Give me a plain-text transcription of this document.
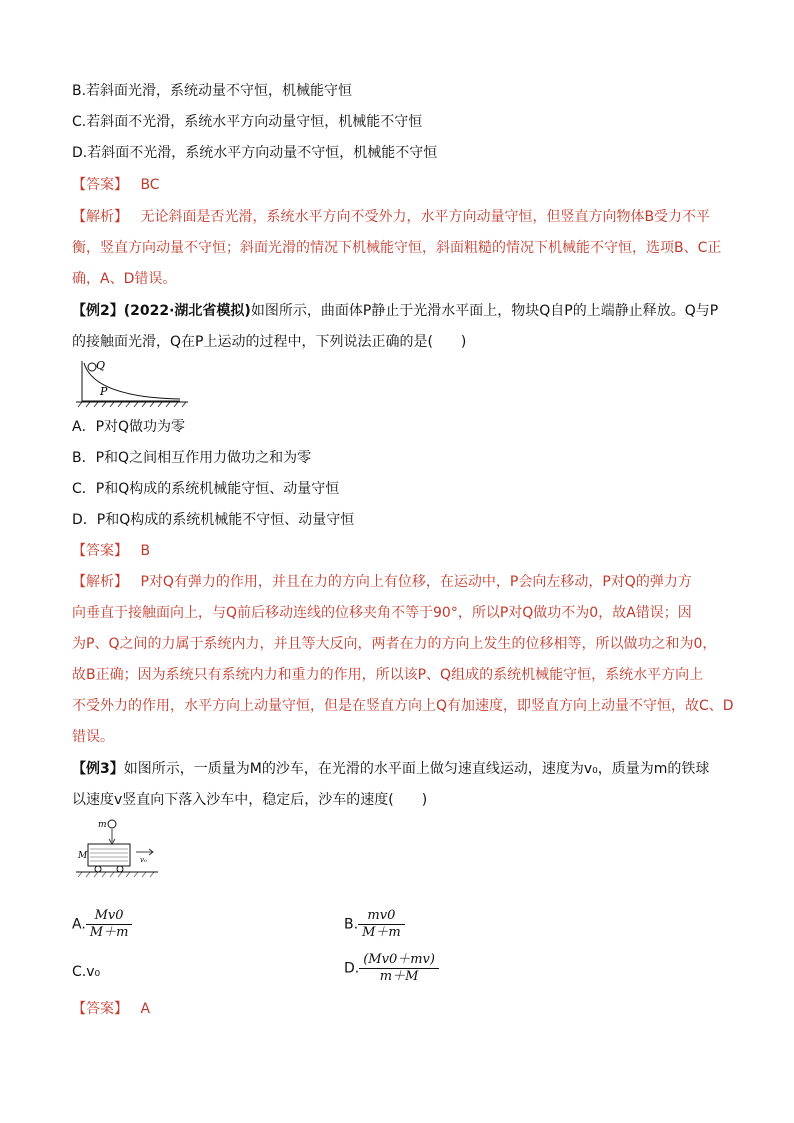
B.若斜面光滑，系统动量不守恒，机械能守恒
C.若斜面不光滑，系统水平方向动量守恒，机械能不守恒
D.若斜面不光滑，系统水平方向动量不守恒，机械能不守恒
【答案】 BC
【解析】 无论斜面是否光滑，系统水平方向不受外力，水平方向动量守恒，但竖直方向物体B受力不平
衡，竖直方向动量不守恒；斜面光滑的情况下机械能守恒，斜面粗糙的情况下机械能不守恒，选项B、C正
确，A、D错误。
【例2】(2022·湖北省模拟)如图所示，曲面体P静止于光滑水平面上，物块Q自P的上端静止释放。Q与P
的接触面光滑，Q在P上运动的过程中，下列说法正确的是(　　)
Q
P
A．P对Q做功为零
B．P和Q之间相互作用力做功之和为零
C．P和Q构成的系统机械能守恒、动量守恒
D．P和Q构成的系统机械能不守恒、动量守恒
【答案】 B
【解析】 P对Q有弹力的作用，并且在力的方向上有位移，在运动中，P会向左移动，P对Q的弹力方
向垂直于接触面向上，与Q前后移动连线的位移夹角不等于90°，所以P对Q做功不为0，故A错误；因
为P、Q之间的力属于系统内力，并且等大反向，两者在力的方向上发生的位移相等，所以做功之和为0，
故B正确；因为系统只有系统内力和重力的作用，所以该P、Q组成的系统机械能守恒，系统水平方向上
不受外力的作用，水平方向上动量守恒，但是在竖直方向上Q有加速度，即竖直方向上动量不守恒，故C、D
错误。
【例3】如图所示，一质量为M的沙车，在光滑的水平面上做匀速直线运动，速度为v₀，质量为m的铁球
以速度v竖直向下落入沙车中，稳定后，沙车的速度(　　)
m
M	v₀
A. $\frac{Mv0}{M+m}$	B. $\frac{mv0}{M+m}$
C.v₀	D. $\frac{(Mv0+mv)}{m+M}$
【答案】 A
